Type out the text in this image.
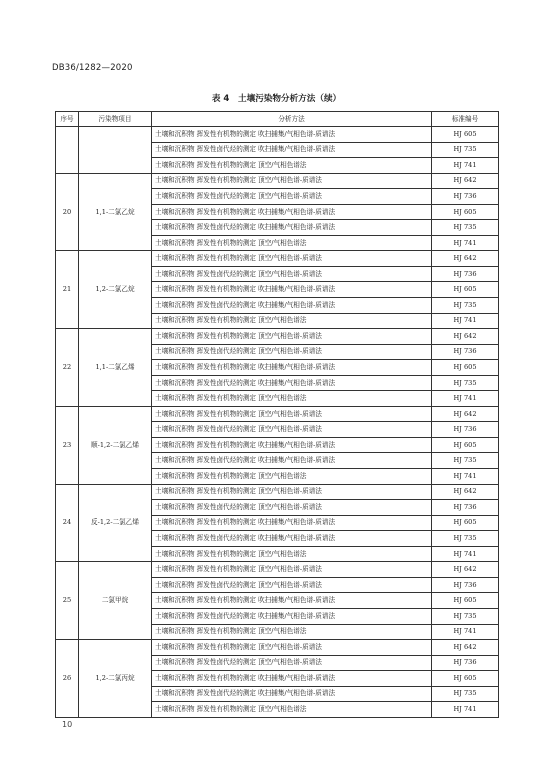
DB36/1282—2020
表 4　土壤污染物分析方法（续）
序号	污染物项目	分析方法	标准编号
		土壤和沉积物 挥发性有机物的测定 吹扫捕集/气相色谱-质谱法	HJ 605
		土壤和沉积物 挥发性卤代烃的测定 吹扫捕集/气相色谱-质谱法	HJ 735
		土壤和沉积物 挥发性有机物的测定 顶空/气相色谱法	HJ 741
20	1,1-二氯乙烷	土壤和沉积物 挥发性有机物的测定 顶空/气相色谱-质谱法	HJ 642
		土壤和沉积物 挥发性卤代烃的测定 顶空/气相色谱-质谱法	HJ 736
		土壤和沉积物 挥发性有机物的测定 吹扫捕集/气相色谱-质谱法	HJ 605
		土壤和沉积物 挥发性卤代烃的测定 吹扫捕集/气相色谱-质谱法	HJ 735
		土壤和沉积物 挥发性有机物的测定 顶空/气相色谱法	HJ 741
21	1,2-二氯乙烷	土壤和沉积物 挥发性有机物的测定 顶空/气相色谱-质谱法	HJ 642
		土壤和沉积物 挥发性卤代烃的测定 顶空/气相色谱-质谱法	HJ 736
		土壤和沉积物 挥发性有机物的测定 吹扫捕集/气相色谱-质谱法	HJ 605
		土壤和沉积物 挥发性卤代烃的测定 吹扫捕集/气相色谱-质谱法	HJ 735
		土壤和沉积物 挥发性有机物的测定 顶空/气相色谱法	HJ 741
22	1,1-二氯乙烯	土壤和沉积物 挥发性有机物的测定 顶空/气相色谱-质谱法	HJ 642
		土壤和沉积物 挥发性卤代烃的测定 顶空/气相色谱-质谱法	HJ 736
		土壤和沉积物 挥发性有机物的测定 吹扫捕集/气相色谱-质谱法	HJ 605
		土壤和沉积物 挥发性卤代烃的测定 吹扫捕集/气相色谱-质谱法	HJ 735
		土壤和沉积物 挥发性有机物的测定 顶空/气相色谱法	HJ 741
23	顺-1,2-二氯乙烯	土壤和沉积物 挥发性有机物的测定 顶空/气相色谱-质谱法	HJ 642
		土壤和沉积物 挥发性卤代烃的测定 顶空/气相色谱-质谱法	HJ 736
		土壤和沉积物 挥发性有机物的测定 吹扫捕集/气相色谱-质谱法	HJ 605
		土壤和沉积物 挥发性卤代烃的测定 吹扫捕集/气相色谱-质谱法	HJ 735
		土壤和沉积物 挥发性有机物的测定 顶空/气相色谱法	HJ 741
24	反-1,2-二氯乙烯	土壤和沉积物 挥发性有机物的测定 顶空/气相色谱-质谱法	HJ 642
		土壤和沉积物 挥发性卤代烃的测定 顶空/气相色谱-质谱法	HJ 736
		土壤和沉积物 挥发性有机物的测定 吹扫捕集/气相色谱-质谱法	HJ 605
		土壤和沉积物 挥发性卤代烃的测定 吹扫捕集/气相色谱-质谱法	HJ 735
		土壤和沉积物 挥发性有机物的测定 顶空/气相色谱法	HJ 741
25	二氯甲烷	土壤和沉积物 挥发性有机物的测定 顶空/气相色谱-质谱法	HJ 642
		土壤和沉积物 挥发性卤代烃的测定 顶空/气相色谱-质谱法	HJ 736
		土壤和沉积物 挥发性有机物的测定 吹扫捕集/气相色谱-质谱法	HJ 605
		土壤和沉积物 挥发性卤代烃的测定 吹扫捕集/气相色谱-质谱法	HJ 735
		土壤和沉积物 挥发性有机物的测定 顶空/气相色谱法	HJ 741
26	1,2-二氯丙烷	土壤和沉积物 挥发性有机物的测定 顶空/气相色谱-质谱法	HJ 642
		土壤和沉积物 挥发性卤代烃的测定 顶空/气相色谱-质谱法	HJ 736
		土壤和沉积物 挥发性有机物的测定 吹扫捕集/气相色谱-质谱法	HJ 605
		土壤和沉积物 挥发性卤代烃的测定 吹扫捕集/气相色谱-质谱法	HJ 735
		土壤和沉积物 挥发性有机物的测定 顶空/气相色谱法	HJ 741
10
